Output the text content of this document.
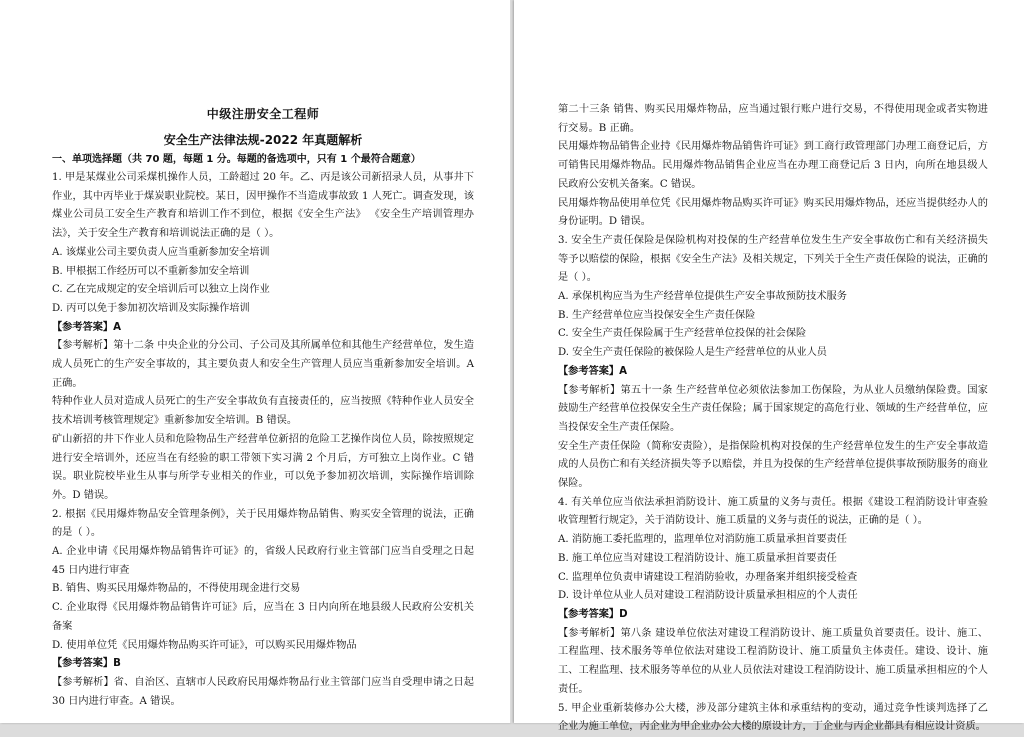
中级注册安全工程师
安全生产法律法规-2022 年真题解析
一、单项选择题（共 70 题，每题 1 分。每题的备选项中，只有 1 个最符合题意）

1. 甲是某煤业公司采煤机操作人员，工龄超过 20 年。乙、丙是该公司新招录人员，从事井下作业，其中丙毕业于煤炭职业院校。某日，因甲操作不当造成事故致 1 人死亡。调查发现，该煤业公司员工安全生产教育和培训工作不到位，根据《安全生产法》 《安全生产培训管理办法》，关于安全生产教育和培训说法正确的是（ ）。

A. 该煤业公司主要负责人应当重新参加安全培训

B. 甲根据工作经历可以不重新参加安全培训

C. 乙在完成规定的安全培训后可以独立上岗作业

D. 丙可以免于参加初次培训及实际操作培训

【参考答案】A

【参考解析】第十二条 中央企业的分公司、子公司及其所属单位和其他生产经营单位，发生造成人员死亡的生产安全事故的，其主要负责人和安全生产管理人员应当重新参加安全培训。A 正确。

特种作业人员对造成人员死亡的生产安全事故负有直接责任的，应当按照《特种作业人员安全技术培训考核管理规定》重新参加安全培训。B 错误。

矿山新招的井下作业人员和危险物品生产经营单位新招的危险工艺操作岗位人员，除按照规定进行安全培训外，还应当在有经验的职工带领下实习满 2 个月后，方可独立上岗作业。C 错误。职业院校毕业生从事与所学专业相关的作业，可以免予参加初次培训，实际操作培训除外。D 错误。

2. 根据《民用爆炸物品安全管理条例》，关于民用爆炸物品销售、购买安全管理的说法，正确的是（ ）。

A. 企业申请《民用爆炸物品销售许可证》的，省级人民政府行业主管部门应当自受理之日起 45 日内进行审查

B. 销售、购买民用爆炸物品的，不得使用现金进行交易

C. 企业取得《民用爆炸物品销售许可证》后，应当在 3 日内向所在地县级人民政府公安机关备案

D. 使用单位凭《民用爆炸物品购买许可证》，可以购买民用爆炸物品

【参考答案】B

【参考解析】省、自治区、直辖市人民政府民用爆炸物品行业主管部门应当自受理申请之日起 30 日内进行审查。A 错误。

第二十三条 销售、购买民用爆炸物品，应当通过银行账户进行交易，不得使用现金或者实物进行交易。B 正确。

民用爆炸物品销售企业持《民用爆炸物品销售许可证》到工商行政管理部门办理工商登记后，方可销售民用爆炸物品。民用爆炸物品销售企业应当在办理工商登记后 3 日内，向所在地县级人民政府公安机关备案。C 错误。

民用爆炸物品使用单位凭《民用爆炸物品购买许可证》购买民用爆炸物品，还应当提供经办人的身份证明。D 错误。

3. 安全生产责任保险是保险机构对投保的生产经营单位发生生产安全事故伤亡和有关经济损失等予以赔偿的保险，根据《安全生产法》及相关规定，下列关于全生产责任保险的说法，正确的是（ ）。

A. 承保机构应当为生产经营单位提供生产安全事故预防技术服务

B. 生产经营单位应当投保安全生产责任保险

C. 安全生产责任保险属于生产经营单位投保的社会保险

D. 安全生产责任保险的被保险人是生产经营单位的从业人员

【参考答案】A

【参考解析】第五十一条 生产经营单位必须依法参加工伤保险，为从业人员缴纳保险费。国家鼓励生产经营单位投保安全生产责任保险；属于国家规定的高危行业、领域的生产经营单位，应当投保安全生产责任保险。

安全生产责任保险（简称安责险），是指保险机构对投保的生产经营单位发生的生产安全事故造成的人员伤亡和有关经济损失等予以赔偿，并且为投保的生产经营单位提供事故预防服务的商业保险。

4. 有关单位应当依法承担消防设计、施工质量的义务与责任。根据《建设工程消防设计审查验收管理暂行规定》，关于消防设计、施工质量的义务与责任的说法，正确的是（ ）。

A. 消防施工委托监理的，监理单位对消防施工质量承担首要责任

B. 施工单位应当对建设工程消防设计、施工质量承担首要责任

C. 监理单位负责申请建设工程消防验收，办理备案并组织接受检查

D. 设计单位从业人员对建设工程消防设计质量承担相应的个人责任

【参考答案】D

【参考解析】第八条 建设单位依法对建设工程消防设计、施工质量负首要责任。设计、施工、工程监理、技术服务等单位依法对建设工程消防设计、施工质量负主体责任。建设、设计、施工、工程监理、技术服务等单位的从业人员依法对建设工程消防设计、施工质量承担相应的个人责任。

5. 甲企业重新装修办公大楼，涉及部分建筑主体和承重结构的变动，通过竞争性谈判选择了乙企业为施工单位，丙企业为甲企业办公大楼的原设计方，丁企业与丙企业都具有相应设计资质。
